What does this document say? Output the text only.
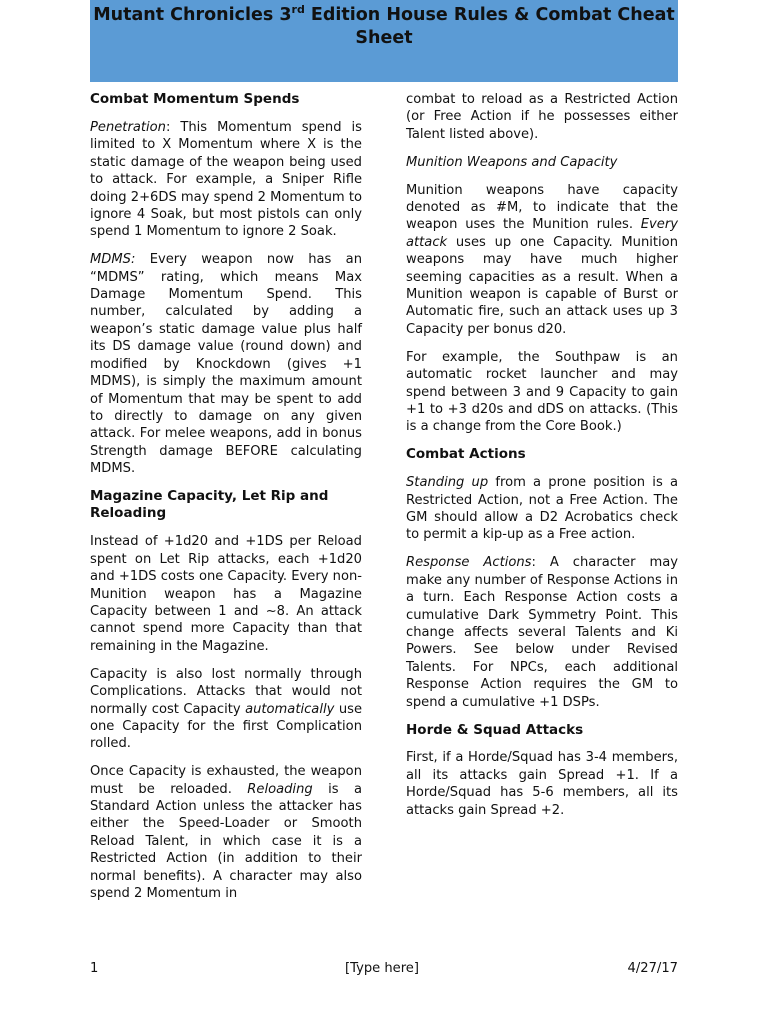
Mutant Chronicles 3rd Edition House Rules & Combat Cheat Sheet
Combat Momentum Spends

Penetration: This Momentum spend is limited to X Momentum where X is the static damage of the weapon being used to attack. For example, a Sniper Rifle doing 2+6DS may spend 2 Momentum to ignore 4 Soak, but most pistols can only spend 1 Momentum to ignore 2 Soak.

MDMS: Every weapon now has an “MDMS” rating, which means Max Damage Momentum Spend. This number, calculated by adding a weapon’s static damage value plus half its DS damage value (round down) and modified by Knockdown (gives +1 MDMS), is simply the maximum amount of Momentum that may be spent to add to directly to damage on any given attack. For melee weapons, add in bonus Strength damage BEFORE calculating MDMS.

Magazine Capacity, Let Rip and Reloading

Instead of +1d20 and +1DS per Reload spent on Let Rip attacks, each +1d20 and +1DS costs one Capacity. Every non-Munition weapon has a Magazine Capacity between 1 and ~8. An attack cannot spend more Capacity than that remaining in the Magazine.

Capacity is also lost normally through Complications. Attacks that would not normally cost Capacity automatically use one Capacity for the first Complication rolled.

Once Capacity is exhausted, the weapon must be reloaded. Reloading is a Standard Action unless the attacker has either the Speed-Loader or Smooth Reload Talent, in which case it is a Restricted Action (in addition to their normal benefits). A character may also spend 2 Momentum in

combat to reload as a Restricted Action (or Free Action if he possesses either Talent listed above).

Munition Weapons and Capacity

Munition weapons have capacity denoted as #M, to indicate that the weapon uses the Munition rules. Every attack uses up one Capacity. Munition weapons may have much higher seeming capacities as a result. When a Munition weapon is capable of Burst or Automatic fire, such an attack uses up 3 Capacity per bonus d20.

For example, the Southpaw is an automatic rocket launcher and may spend between 3 and 9 Capacity to gain +1 to +3 d20s and dDS on attacks. (This is a change from the Core Book.)

Combat Actions

Standing up from a prone position is a Restricted Action, not a Free Action. The GM should allow a D2 Acrobatics check to permit a kip-up as a Free action.

Response Actions: A character may make any number of Response Actions in a turn. Each Response Action costs a cumulative Dark Symmetry Point. This change affects several Talents and Ki Powers. See below under Revised Talents. For NPCs, each additional Response Action requires the GM to spend a cumulative +1 DSPs.

Horde & Squad Attacks

First, if a Horde/Squad has 3-4 members, all its attacks gain Spread +1. If a Horde/Squad has 5-6 members, all its attacks gain Spread +2.

1	[Type here]	4/27/17
